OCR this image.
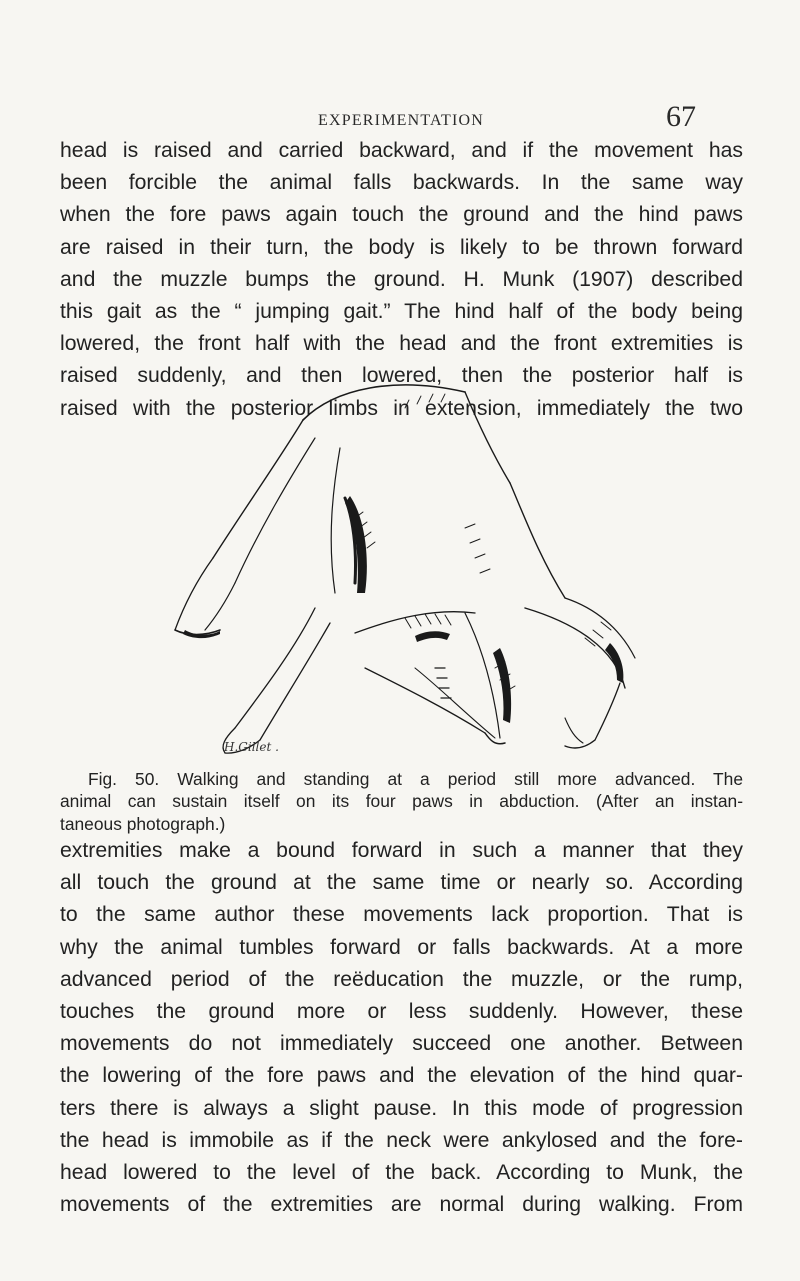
EXPERIMENTATION	67
head is raised and carried backward, and if the movement has
been forcible the animal falls backwards. In the same way
when the fore paws again touch the ground and the hind paws
are raised in their turn, the body is likely to be thrown forward
and the muzzle bumps the ground. H. Munk (1907) described
this gait as the “ jumping gait.” The hind half of the body being
lowered, the front half with the head and the front extremities is
raised suddenly, and then lowered, then the posterior half is
raised with the posterior limbs in extension, immediately the two
H.Gillet .
Fig. 50. Walking and standing at a period still more advanced. The
animal can sustain itself on its four paws in abduction. (After an instan-
taneous photograph.)
extremities make a bound forward in such a manner that they
all touch the ground at the same time or nearly so. According
to the same author these movements lack proportion. That is
why the animal tumbles forward or falls backwards. At a more
advanced period of the reëducation the muzzle, or the rump,
touches the ground more or less suddenly. However, these
movements do not immediately succeed one another. Between
the lowering of the fore paws and the elevation of the hind quar-
ters there is always a slight pause. In this mode of progression
the head is immobile as if the neck were ankylosed and the fore-
head lowered to the level of the back. According to Munk, the
movements of the extremities are normal during walking. From
